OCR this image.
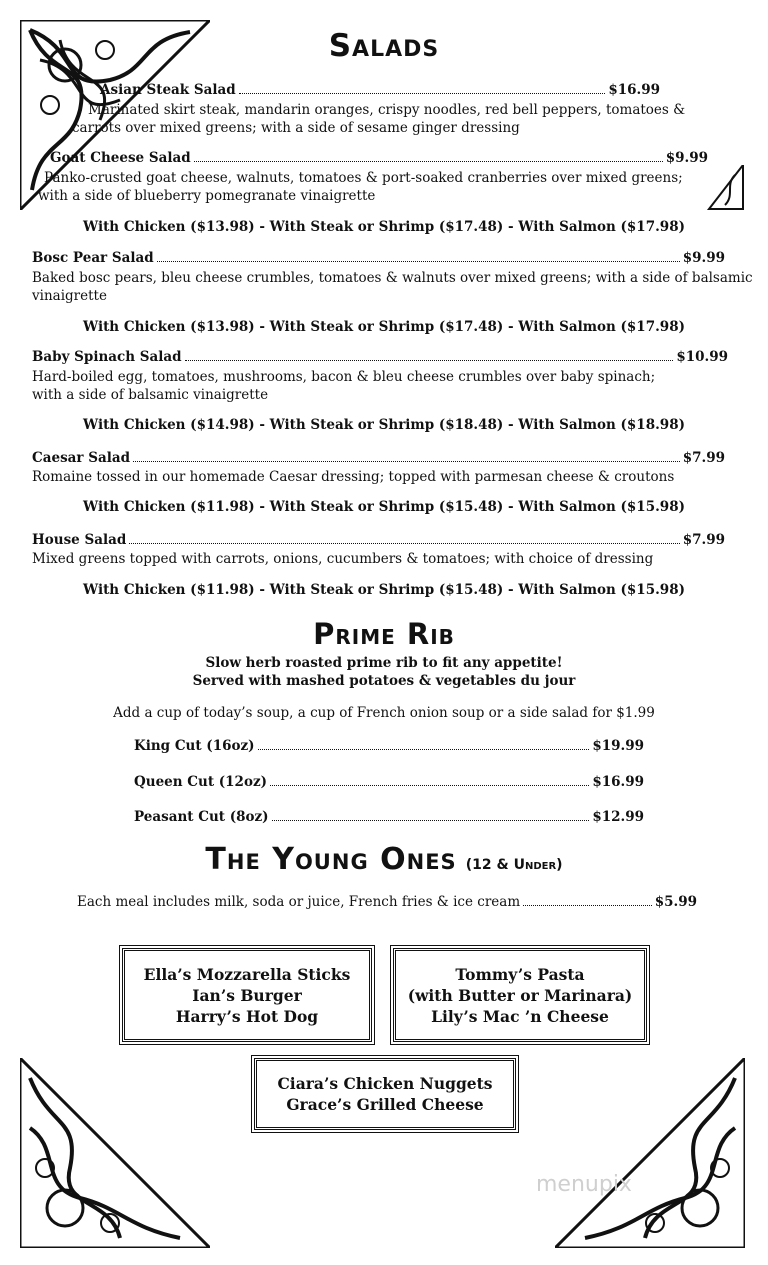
Salads
Asian Steak Salad	$16.99
Marinated skirt steak, mandarin oranges, crispy noodles, red bell peppers, tomatoes &
carrots over mixed greens; with a side of sesame ginger dressing
Goat Cheese Salad	$9.99
Panko-crusted goat cheese, walnuts, tomatoes & port-soaked cranberries over mixed greens;
with a side of blueberry pomegranate vinaigrette
With Chicken ($13.98) - With Steak or Shrimp ($17.48) - With Salmon ($17.98)
Bosc Pear Salad	$9.99
Baked bosc pears, bleu cheese crumbles, tomatoes & walnuts over mixed greens; with a side of balsamic
vinaigrette
With Chicken ($13.98) - With Steak or Shrimp ($17.48) - With Salmon ($17.98)
Baby Spinach Salad	$10.99
Hard-boiled egg, tomatoes, mushrooms, bacon & bleu cheese crumbles over baby spinach;
with a side of balsamic vinaigrette
With Chicken ($14.98) - With Steak or Shrimp ($18.48) - With Salmon ($18.98)
Caesar Salad	$7.99
Romaine tossed in our homemade Caesar dressing; topped with parmesan cheese & croutons
With Chicken ($11.98) - With Steak or Shrimp ($15.48) - With Salmon ($15.98)
House Salad	$7.99
Mixed greens topped with carrots, onions, cucumbers & tomatoes; with choice of dressing
With Chicken ($11.98) - With Steak or Shrimp ($15.48) - With Salmon ($15.98)
Prime Rib
Slow herb roasted prime rib to fit any appetite!
Served with mashed potatoes & vegetables du jour
Add a cup of today’s soup, a cup of French onion soup or a side salad for $1.99
King Cut (16oz)	$19.99
Queen Cut (12oz)	$16.99
Peasant Cut (8oz)	$12.99
The Young Ones (12 & Under)
Each meal includes milk, soda or juice, French fries & ice cream	$5.99
Ella’s Mozzarella Sticks
Ian’s Burger
Harry’s Hot Dog
Tommy’s Pasta
(with Butter or Marinara)
Lily’s Mac ’n Cheese
Ciara’s Chicken Nuggets
Grace’s Grilled Cheese
menupix
